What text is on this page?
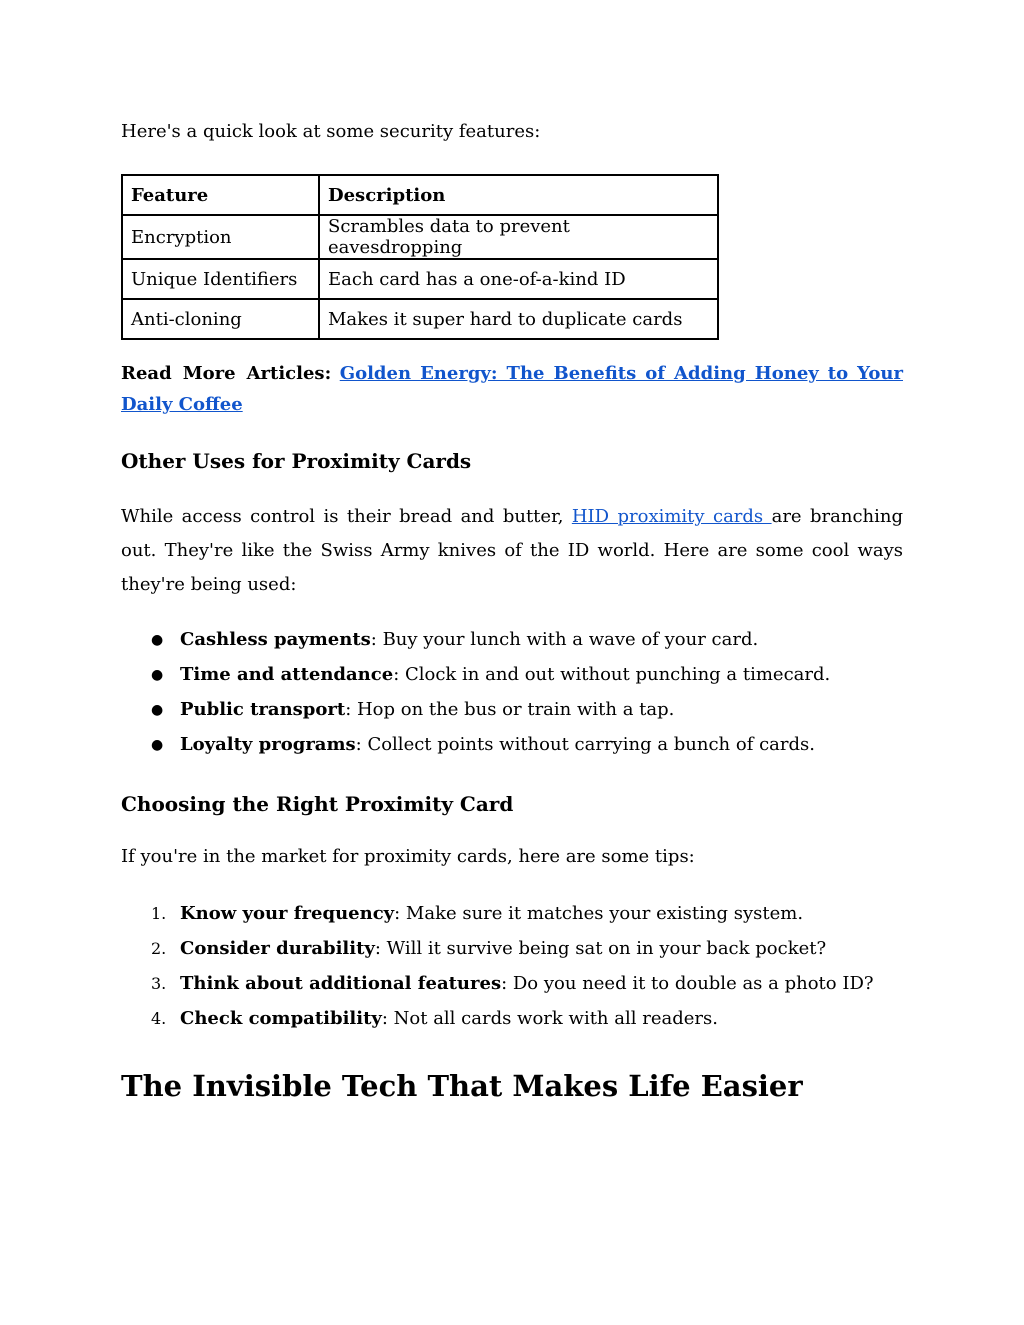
Here's a quick look at some security features:

Feature	Description
Encryption	Scrambles data to prevent eavesdropping
Unique Identifiers	Each card has a one-of-a-kind ID
Anti-cloning	Makes it super hard to duplicate cards

Read More Articles: Golden Energy: The Benefits of Adding Honey to Your Daily Coffee

Other Uses for Proximity Cards

While access control is their bread and butter, HID proximity cards are branching out. They're like the Swiss Army knives of the ID world. Here are some cool ways they're being used:

● Cashless payments: Buy your lunch with a wave of your card.
● Time and attendance: Clock in and out without punching a timecard.
● Public transport: Hop on the bus or train with a tap.
● Loyalty programs: Collect points without carrying a bunch of cards.
Choosing the Right Proximity Card

If you're in the market for proximity cards, here are some tips:

1. Know your frequency: Make sure it matches your existing system.
2. Consider durability: Will it survive being sat on in your back pocket?
3. Think about additional features: Do you need it to double as a photo ID?
4. Check compatibility: Not all cards work with all readers.
The Invisible Tech That Makes Life Easier
